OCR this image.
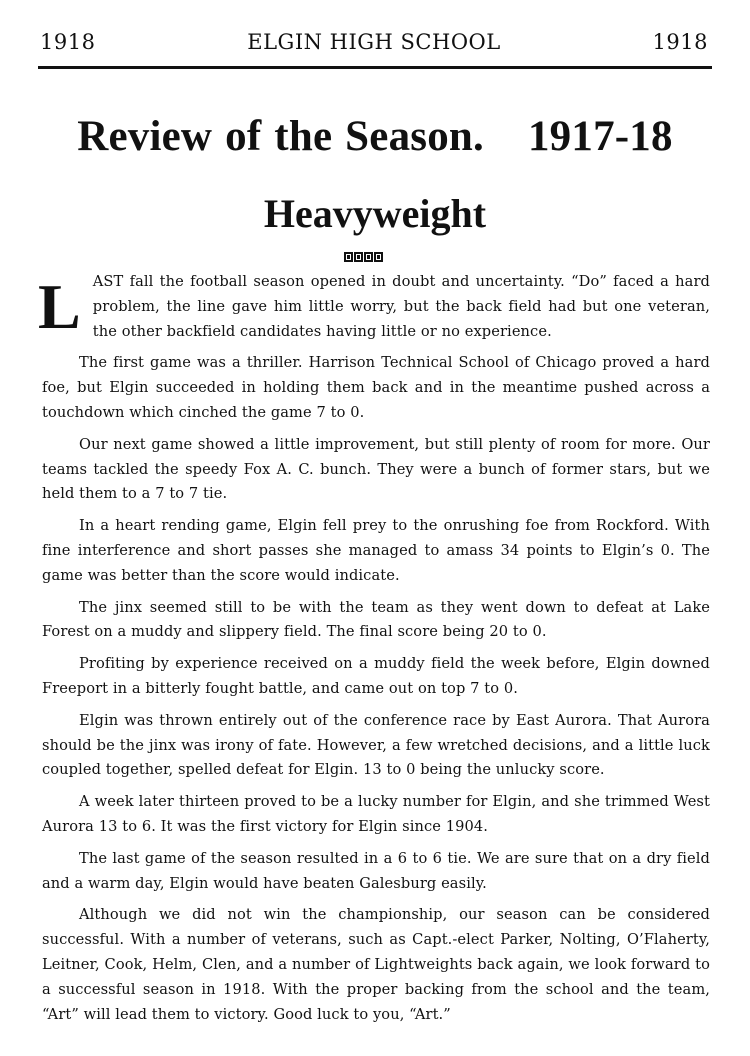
1918	ELGIN HIGH SCHOOL	1918
Review of the Season. 1917-18
Heavyweight
L AST fall the football season opened in doubt and uncertainty. “Do” faced a hard problem, the line gave him little worry, but the back field had but one veteran, the other backfield candidates having little or no experience.

The first game was a thriller. Harrison Technical School of Chicago proved a hard foe, but Elgin succeeded in holding them back and in the meantime pushed across a touchdown which cinched the game 7 to 0.

Our next game showed a little improvement, but still plenty of room for more. Our teams tackled the speedy Fox A. C. bunch. They were a bunch of former stars, but we held them to a 7 to 7 tie.

In a heart rending game, Elgin fell prey to the onrushing foe from Rockford. With fine interference and short passes she managed to amass 34 points to Elgin’s 0. The game was better than the score would indicate.

The jinx seemed still to be with the team as they went down to defeat at Lake Forest on a muddy and slippery field. The final score being 20 to 0.

Profiting by experience received on a muddy field the week before, Elgin downed Freeport in a bitterly fought battle, and came out on top 7 to 0.

Elgin was thrown entirely out of the conference race by East Aurora. That Aurora should be the jinx was irony of fate. However, a few wretched decisions, and a little luck coupled together, spelled defeat for Elgin. 13 to 0 being the unlucky score.

A week later thirteen proved to be a lucky number for Elgin, and she trimmed West Aurora 13 to 6. It was the first victory for Elgin since 1904.

The last game of the season resulted in a 6 to 6 tie. We are sure that on a dry field and a warm day, Elgin would have beaten Galesburg easily.

Although we did not win the championship, our season can be considered successful. With a number of veterans, such as Capt.-elect Parker, Nolting, O’Flaherty, Leitner, Cook, Helm, Clen, and a number of Lightweights back again, we look forward to a successful season in 1918. With the proper backing from the school and the team, “Art” will lead them to victory. Good luck to you, “Art.”
